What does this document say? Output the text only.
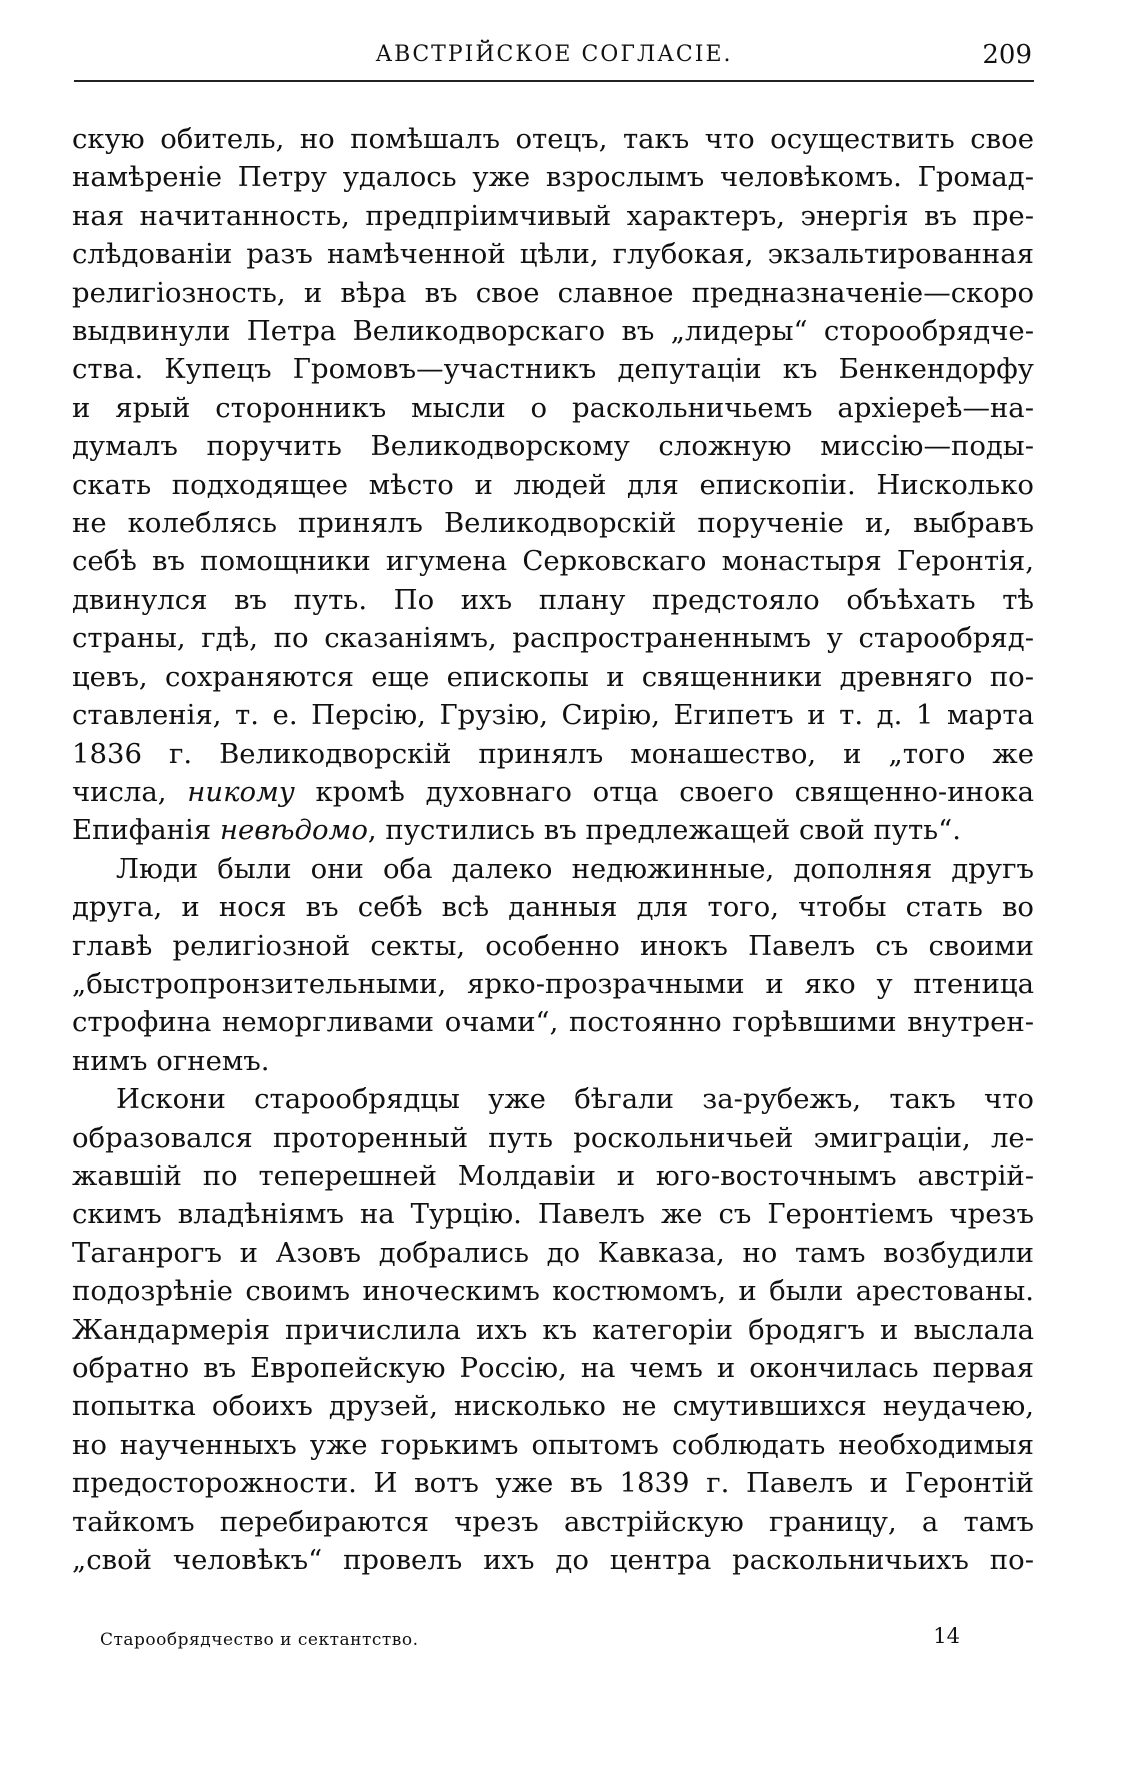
АВСТРІЙСКОЕ СОГЛАСІЕ.	209
скую обитель, но помѣшалъ отецъ, такъ что осуществить свое
намѣреніе Петру удалось уже взрослымъ человѣкомъ. Громад-
ная начитанность, предпріимчивый характеръ, энергія въ пре-
слѣдованіи разъ намѣченной цѣли, глубокая, экзальтированная
религіозность, и вѣра въ свое славное предназначеніе—скоро
выдвинули Петра Великодворскаго въ „лидеры“ сторообрядче-
ства. Купецъ Громовъ—участникъ депутаціи къ Бенкендорфу
и ярый сторонникъ мысли о раскольничьемъ архіереѣ—на-
думалъ поручить Великодворскому сложную миссію—поды-
скать подходящее мѣсто и людей для епископіи. Нисколько
не колеблясь принялъ Великодворскій порученіе и, выбравъ
себѣ въ помощники игумена Серковскаго монастыря Геронтія,
двинулся въ путь. По ихъ плану предстояло объѣхать тѣ
страны, гдѣ, по сказаніямъ, распространеннымъ у старообряд-
цевъ, сохраняются еще епископы и священники древняго по-
ставленія, т. е. Персію, Грузію, Сирію, Египетъ и т. д. 1 марта
1836 г. Великодворскій принялъ монашество, и „того же
числа, никому кромѣ духовнаго отца своего священно-инока
Епифанія невѣдомо, пустились въ предлежащей свой путь“.
Люди были они оба далеко недюжинные, дополняя другъ
друга, и нося въ себѣ всѣ данныя для того, чтобы стать во
главѣ религіозной секты, особенно инокъ Павелъ съ своими
„быстропронзительными, ярко-прозрачными и яко у птеница
строфина неморгливами очами“, постоянно горѣвшими внутрен-
нимъ огнемъ.
Искони старообрядцы уже бѣгали за-рубежъ, такъ что
образовался проторенный путь роскольничьей эмиграціи, ле-
жавшій по теперешней Молдавіи и юго-восточнымъ австрій-
скимъ владѣніямъ на Турцію. Павелъ же съ Геронтіемъ чрезъ
Таганрогъ и Азовъ добрались до Кавказа, но тамъ возбудили
подозрѣніе своимъ иноческимъ костюмомъ, и были арестованы.
Жандармерія причислила ихъ къ категоріи бродягъ и выслала
обратно въ Европейскую Россію, на чемъ и окончилась первая
попытка обоихъ друзей, нисколько не смутившихся неудачею,
но наученныхъ уже горькимъ опытомъ соблюдать необходимыя
предосторожности. И вотъ уже въ 1839 г. Павелъ и Геронтій
тайкомъ перебираются чрезъ австрійскую границу, а тамъ
„свой человѣкъ“ провелъ ихъ до центра раскольничьихъ по-
Старообрядчество и сектантство.	14
